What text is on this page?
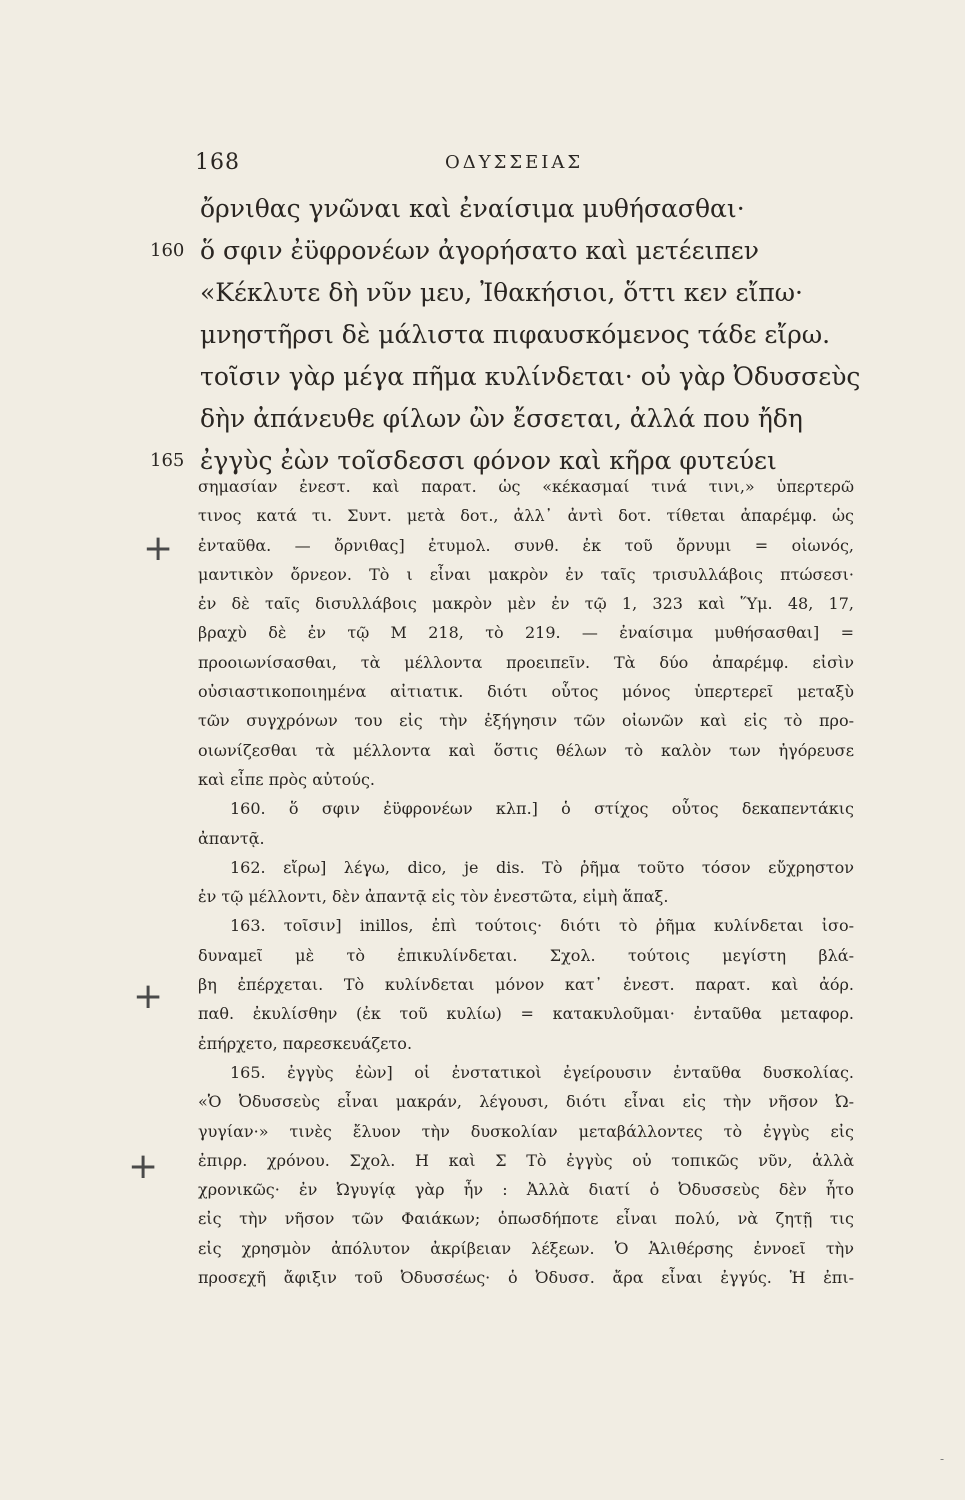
168	ΟΔΥΣΣΕΙΑΣ
ὄρνιθας γνῶναι καὶ ἐναίσιμα μυθήσασθαι·
160 ὅ σφιν ἐϋφρονέων ἀγορήσατο καὶ μετέειπεν
«Κέκλυτε δὴ νῦν μευ, Ἰθακήσιοι, ὅττι κεν εἴπω·
μνηστῆρσι δὲ μάλιστα πιφαυσκόμενος τάδε εἴρω.
τοῖσιν γὰρ μέγα πῆμα κυλίνδεται· οὐ γὰρ Ὀδυσσεὺς
δὴν ἀπάνευθε φίλων ὢν ἔσσεται, ἀλλά που ἤδη
165 ἐγγὺς ἐὼν τοῖσδεσσι φόνον καὶ κῆρα φυτεύει
σημασίαν ἐνεστ. καὶ παρατ. ὡς «κέκασμαί τινά τινι,» ὑπερτερῶ
τινος κατά τι. Συντ. μετὰ δοτ., ἀλλ᾽ ἀντὶ δοτ. τίθεται ἀπαρέμφ. ὡς
ἐνταῦθα. — ὄρνιθας] ἐτυμολ. συνθ. ἐκ τοῦ ὄρνυμι = οἰωνός,
μαντικὸν ὄρνεον. Τὸ ι εἶναι μακρὸν ἐν ταῖς τρισυλλάβοις πτώσεσι·
ἐν δὲ ταῖς δισυλλάβοις μακρὸν μὲν ἐν τῷ 1, 323 καὶ Ὕμ. 48, 17,
βραχὺ δὲ ἐν τῷ Μ 218, τὸ 219. — ἐναίσιμα μυθήσασθαι] =
προοιωνίσασθαι, τὰ μέλλοντα προειπεῖν. Τὰ δύο ἀπαρέμφ. εἰσὶν
οὐσιαστικοποιημένα αἰτιατικ. διότι οὗτος μόνος ὑπερτερεῖ μεταξὺ
τῶν συγχρόνων του εἰς τὴν ἐξήγησιν τῶν οἰωνῶν καὶ εἰς τὸ προ-
οιωνίζεσθαι τὰ μέλλοντα καὶ ὅστις θέλων τὸ καλὸν των ἠγόρευσε
καὶ εἶπε πρὸς αὐτούς.
160. ὅ σφιν ἐϋφρονέων κλπ.] ὁ στίχος οὗτος δεκαπεντάκις
ἀπαντᾷ.
162. εἴρω] λέγω, dico, je dis. Τὸ ῥῆμα τοῦτο τόσον εὔχρηστον
ἐν τῷ μέλλοντι, δὲν ἀπαντᾷ εἰς τὸν ἐνεστῶτα, εἰμὴ ἅπαξ.
163. τοῖσιν] inillos, ἐπὶ τούτοις· διότι τὸ ῥῆμα κυλίνδεται ἰσο-
δυναμεῖ μὲ τὸ ἐπικυλίνδεται. Σχολ. τούτοις μεγίστη βλά-
βη ἐπέρχεται. Τὸ κυλίνδεται μόνον κατ᾽ ἐνεστ. παρατ. καὶ ἀόρ.
παθ. ἐκυλίσθην (ἐκ τοῦ κυλίω) = κατακυλοῦμαι· ἐνταῦθα μεταφορ.
ἐπήρχετο, παρεσκευάζετο.
165. ἐγγὺς ἐὼν] οἱ ἐνστατικοὶ ἐγείρουσιν ἐνταῦθα δυσκολίας.
«Ὁ Ὀδυσσεὺς εἶναι μακράν, λέγουσι, διότι εἶναι εἰς τὴν νῆσον Ὠ-
γυγίαν·» τινὲς ἔλυον τὴν δυσκολίαν μεταβάλλοντες τὸ ἐγγὺς εἰς
ἐπιρρ. χρόνου. Σχολ. Η καὶ Σ Τὸ ἐγγὺς οὐ τοπικῶς νῦν, ἀλλὰ
χρονικῶς· ἐν Ὠγυγίᾳ γὰρ ἦν : Ἀλλὰ διατί ὁ Ὀδυσσεὺς δὲν ἦτο
εἰς τὴν νῆσον τῶν Φαιάκων; ὁπωσδήποτε εἶναι πολύ, νὰ ζητῇ τις
εἰς χρησμὸν ἀπόλυτον ἀκρίβειαν λέξεων. Ὁ Ἁλιθέρσης ἐννοεῖ τὴν
προσεχῆ ἄφιξιν τοῦ Ὀδυσσέως· ὁ Ὀδυσσ. ἄρα εἶναι ἐγγύς. Ἡ ἐπι-
+
+
+
-
